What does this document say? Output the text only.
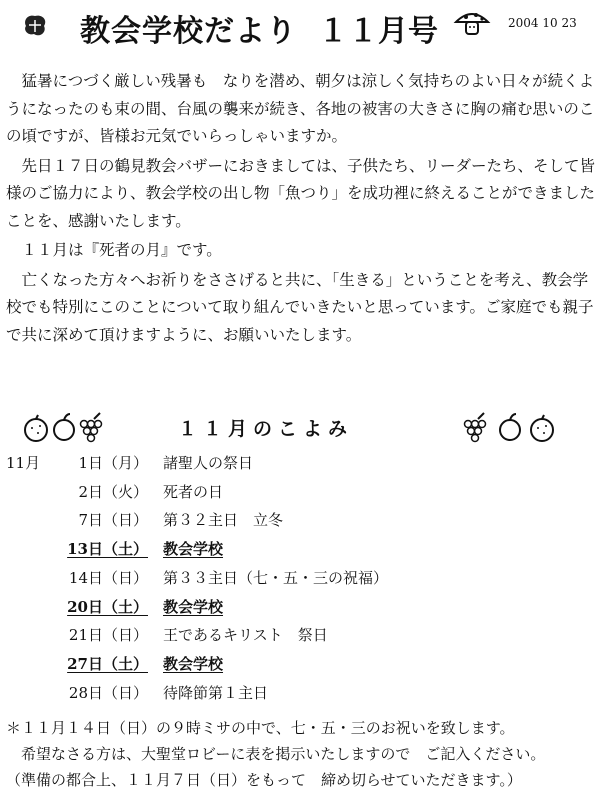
教会学校だより １１月号	2004 10 23

猛暑につづく厳しい残暑も　なりを潜め、朝夕は涼しく気持ちのよい日々が続くようになったのも束の間、台風の襲来が続き、各地の被害の大きさに胸の痛む思いのこの頃ですが、皆様お元気でいらっしゃいますか。

先日１７日の鶴見教会バザーにおきましては、子供たち、リーダーたち、そして皆様のご協力により、教会学校の出し物「魚つり」を成功裡に終えることができましたことを、感謝いたします。

１１月は『死者の月』です。

亡くなった方々へお祈りをささげると共に、「生きる」ということを考え、教会学校でも特別にこのことについて取り組んでいきたいと思っています。ご家庭でも親子で共に深めて頂けますように、お願いいたします。

１１月のこよみ
11月	1日（月） 諸聖人の祭日
2日（火） 死者の日
7日（日） 第３２主日　立冬
13日（土） 教会学校
14日（日） 第３３主日（七・五・三の祝福）
20日（土） 教会学校
21日（日） 王であるキリスト　祭日
27日（土） 教会学校
28日（日） 待降節第１主日
＊１１月１４日（日）の９時ミサの中で、七・五・三のお祝いを致します。
　希望なさる方は、大聖堂ロビーに表を掲示いたしますので　ご記入ください。
（準備の都合上、１１月７日（日）をもって　締め切らせていただきます。）
